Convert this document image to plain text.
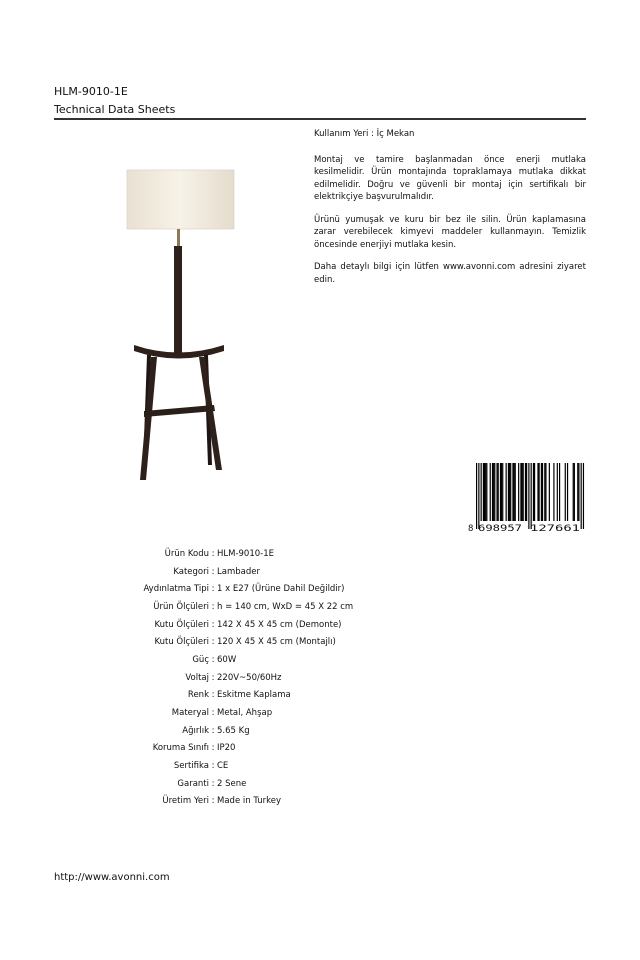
HLM-9010-1E
Technical Data Sheets

Kullanım Yeri : İç Mekan

Montaj ve tamire başlanmadan önce enerji mutlaka kesilmelidir. Ürün montajında topraklamaya mutlaka dikkat edilmelidir. Doğru ve güvenli bir montaj için sertifikalı bir elektrikçiye başvurulmalıdır.

Ürünü yumuşak ve kuru bir bez ile silin. Ürün kaplamasına zarar verebilecek kimyevi maddeler kullanmayın. Temizlik öncesinde enerjiyi mutlaka kesin.

Daha detaylı bilgi için lütfen www.avonni.com adresini ziyaret edin.

8 698957 127661
Ürün Kodu : HLM-9010-1E
Kategori : Lambader
Aydınlatma Tipi : 1 x E27 (Ürüne Dahil Değildir)
Ürün Ölçüleri : h = 140 cm, WxD = 45 X 22 cm
Kutu Ölçüleri : 142 X 45 X 45 cm (Demonte)
Kutu Ölçüleri : 120 X 45 X 45 cm (Montajlı)
Güç : 60W
Voltaj : 220V~50/60Hz
Renk : Eskitme Kaplama
Materyal : Metal, Ahşap
Ağırlık : 5.65 Kg
Koruma Sınıfı : IP20
Sertifika : CE
Garanti : 2 Sene
Üretim Yeri : Made in Turkey
http://www.avonni.com
